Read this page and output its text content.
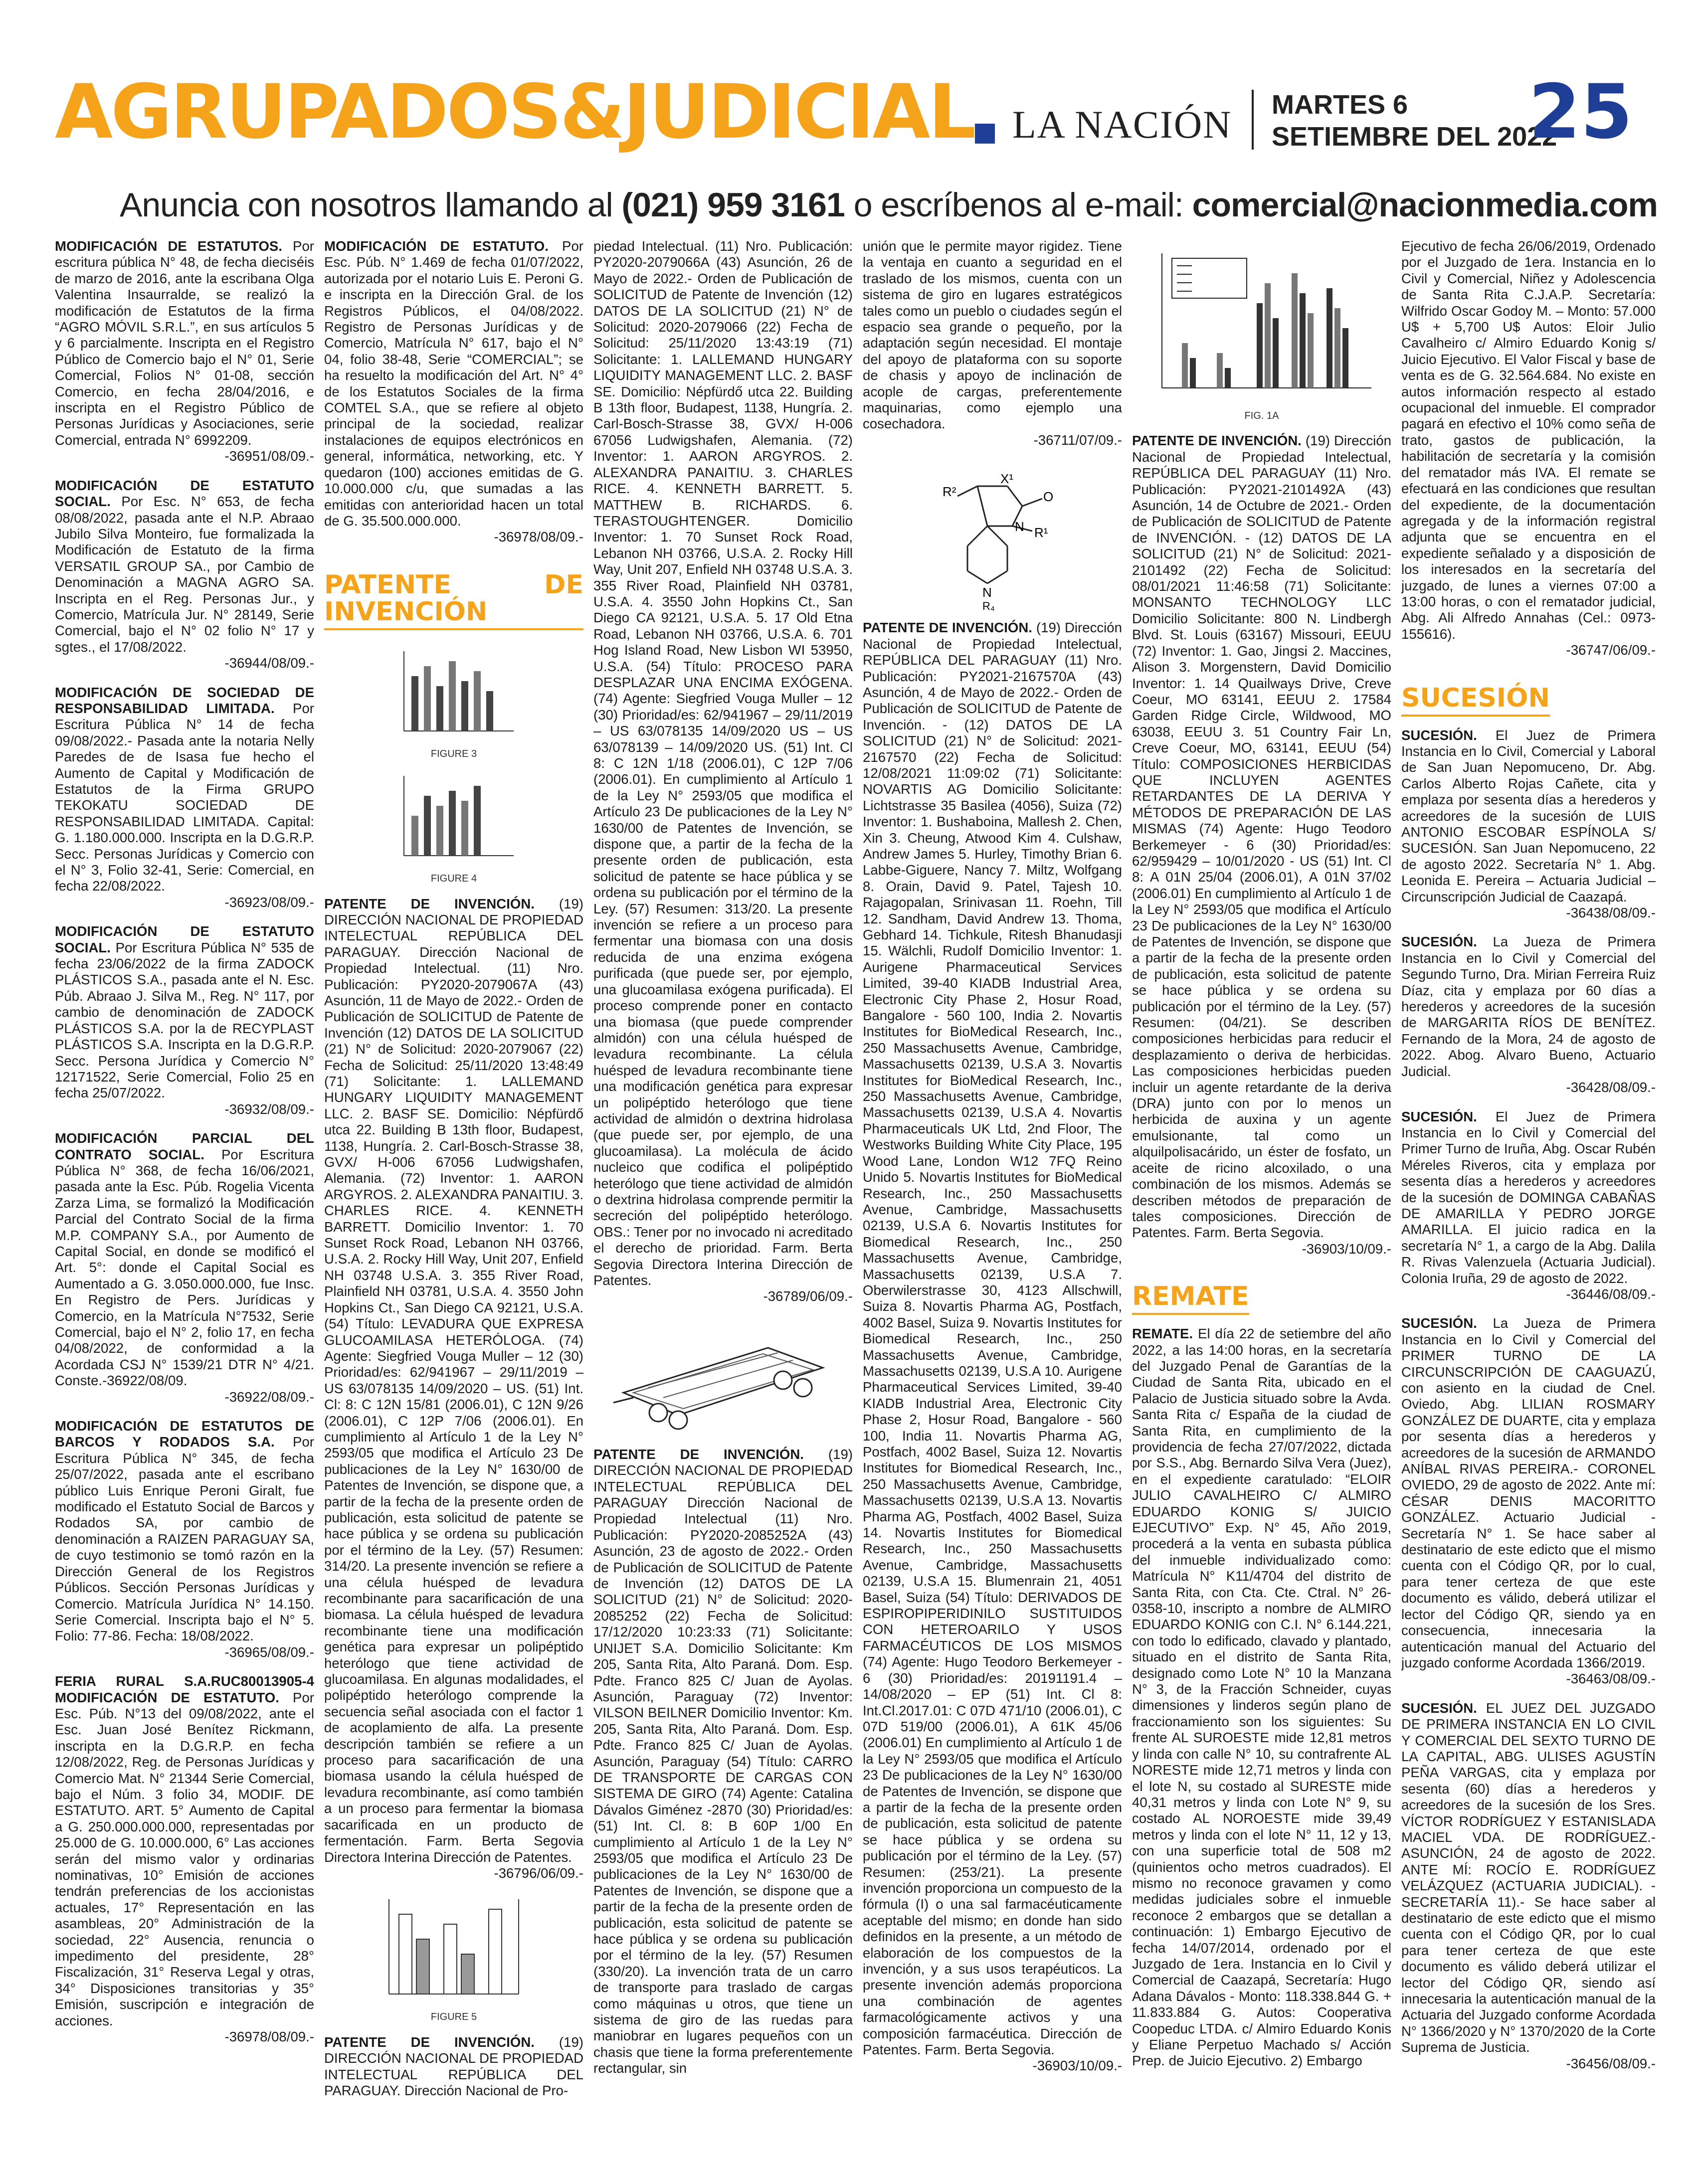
AGRUPADOS&JUDICIAL LA NACIÓN MARTES 6
SETIEMBRE DEL 2022
25
Anuncia con nosotros llamando al (021) 959 3161 o escríbenos al e-mail: comercial@nacionmedia.com
MODIFICACIÓN DE ESTATUTOS. Por escritura pública N° 48, de fecha dieciséis de marzo de 2016, ante la escribana Olga Valentina Insaurralde, se realizó la modificación de Estatutos de la firma “AGRO MÓVIL S.R.L.”, en sus artículos 5 y 6 parcialmente. Inscripta en el Registro Público de Comercio bajo el N° 01, Serie Comercial, Folios N° 01-08, sección Comercio, en fecha 28/04/2016, e inscripta en el Registro Público de Personas Jurídicas y Asociaciones, serie Comercial, entrada N° 6992209.
-36951/08/09.-
MODIFICACIÓN DE ESTATUTO SOCIAL. Por Esc. N° 653, de fecha 08/08/2022, pasada ante el N.P. Abraao Jubilo Silva Monteiro, fue formalizada la Modificación de Estatuto de la firma VERSATIL GROUP SA., por Cambio de Denominación a MAGNA AGRO SA. Inscripta en el Reg. Personas Jur., y Comercio, Matrícula Jur. N° 28149, Serie Comercial, bajo el N° 02 folio N° 17 y sgtes., el 17/08/2022.
-36944/08/09.-
MODIFICACIÓN DE SOCIEDAD DE RESPONSABILIDAD LIMITADA. Por Escritura Pública N° 14 de fecha 09/08/2022.- Pasada ante la notaria Nelly Paredes de de Isasa fue hecho el Aumento de Capital y Modificación de Estatutos de la Firma GRUPO TEKOKATU SOCIEDAD DE RESPONSABILIDAD LIMITADA. Capital: G. 1.180.000.000. Inscripta en la D.G.R.P. Secc. Personas Jurídicas y Comercio con el N° 3, Folio 32-41, Serie: Comercial, en fecha 22/08/2022.
-36923/08/09.-
MODIFICACIÓN DE ESTATUTO SOCIAL. Por Escritura Pública N° 535 de fecha 23/06/2022 de la firma ZADOCK PLÁSTICOS S.A., pasada ante el N. Esc. Púb. Abraao J. Silva M., Reg. N° 117, por cambio de denominación de ZADOCK PLÁSTICOS S.A. por la de RECYPLAST PLÁSTICOS S.A. Inscripta en la D.G.R.P. Secc. Persona Jurídica y Comercio N° 12171522, Serie Comercial, Folio 25 en fecha 25/07/2022.
-36932/08/09.-
MODIFICACIÓN PARCIAL DEL CONTRATO SOCIAL. Por Escritura Pública N° 368, de fecha 16/06/2021, pasada ante la Esc. Púb. Rogelia Vicenta Zarza Lima, se formalizó la Modificación Parcial del Contrato Social de la firma M.P. COMPANY S.A., por Aumento de Capital Social, en donde se modificó el Art. 5°: donde el Capital Social es Aumentado a G. 3.050.000.000, fue Insc. En Registro de Pers. Jurídicas y Comercio, en la Matrícula N°7532, Serie Comercial, bajo el N° 2, folio 17, en fecha 04/08/2022, de conformidad a la Acordada CSJ N° 1539/21 DTR N° 4/21. Conste.-36922/08/09.
-36922/08/09.-
MODIFICACIÓN DE ESTATUTOS DE BARCOS Y RODADOS S.A. Por Escritura Pública N° 345, de fecha 25/07/2022, pasada ante el escribano público Luis Enrique Peroni Giralt, fue modificado el Estatuto Social de Barcos y Rodados SA, por cambio de denominación a RAIZEN PARAGUAY SA, de cuyo testimonio se tomó razón en la Dirección General de los Registros Públicos. Sección Personas Jurídicas y Comercio. Matrícula Jurídica N° 14.150. Serie Comercial. Inscripta bajo el N° 5. Folio: 77-86. Fecha: 18/08/2022.
-36965/08/09.-
FERIA RURAL S.A.RUC80013905-4 MODIFICACIÓN DE ESTATUTO. Por Esc. Púb. N°13 del 09/08/2022, ante el Esc. Juan José Benítez Rickmann, inscripta en la D.G.R.P. en fecha 12/08/2022, Reg. de Personas Jurídicas y Comercio Mat. N° 21344 Serie Comercial, bajo el Núm. 3 folio 34, MODIF. DE ESTATUTO. ART. 5° Aumento de Capital a G. 250.000.000.000, representadas por 25.000 de G. 10.000.000, 6° Las acciones serán del mismo valor y ordinarias nominativas, 10° Emisión de acciones tendrán preferencias de los accionistas actuales, 17° Representación en las asambleas, 20° Administración de la sociedad, 22° Ausencia, renuncia o impedimento del presidente, 28° Fiscalización, 31° Reserva Legal y otras, 34° Disposiciones transitorias y 35° Emisión, suscripción e integración de acciones.
-36978/08/09.-
MODIFICACIÓN DE ESTATUTO. Por Esc. Púb. N° 1.469 de fecha 01/07/2022, autorizada por el notario Luis E. Peroni G. e inscripta en la Dirección Gral. de los Registros Públicos, el 04/08/2022. Registro de Personas Jurídicas y de Comercio, Matrícula N° 617, bajo el N° 04, folio 38-48, Serie “COMERCIAL”; se ha resuelto la modificación del Art. N° 4° de los Estatutos Sociales de la firma COMTEL S.A., que se refiere al objeto principal de la sociedad, realizar instalaciones de equipos electrónicos en general, informática, networking, etc. Y quedaron (100) acciones emitidas de G. 10.000.000 c/u, que sumadas a las emitidas con anterioridad hacen un total de G. 35.500.000.000.
-36978/08/09.-
PATENTE DE INVENCIÓN
FIGURE 3
FIGURE 4
PATENTE DE INVENCIÓN. (19) DIRECCIÓN NACIONAL DE PROPIEDAD INTELECTUAL REPÚBLICA DEL PARAGUAY. Dirección Nacional de Propiedad Intelectual. (11) Nro. Publicación: PY2020-2079067A (43) Asunción, 11 de Mayo de 2022.- Orden de Publicación de SOLICITUD de Patente de Invención (12) DATOS DE LA SOLICITUD (21) N° de Solicitud: 2020-2079067 (22) Fecha de Solicitud: 25/11/2020 13:48:49 (71) Solicitante: 1. LALLEMAND HUNGARY LIQUIDITY MANAGEMENT LLC. 2. BASF SE. Domicilio: Népfürdő utca 22. Building B 13th floor, Budapest, 1138, Hungría. 2. Carl-Bosch-Strasse 38, GVX/ H-006 67056 Ludwigshafen, Alemania. (72) Inventor: 1. AARON ARGYROS. 2. ALEXANDRA PANAITIU. 3. CHARLES RICE. 4. KENNETH BARRETT. Domicilio Inventor: 1. 70 Sunset Rock Road, Lebanon NH 03766, U.S.A. 2. Rocky Hill Way, Unit 207, Enfield NH 03748 U.S.A. 3. 355 River Road, Plainfield NH 03781, U.S.A. 4. 3550 John Hopkins Ct., San Diego CA 92121, U.S.A. (54) Título: LEVADURA QUE EXPRESA GLUCOAMILASA HETERÓLOGA. (74) Agente: Siegfried Vouga Muller – 12 (30) Prioridad/es: 62/941967 – 29/11/2019 – US 63/078135 14/09/2020 – US. (51) Int. Cl: 8: C 12N 15/81 (2006.01), C 12N 9/26 (2006.01), C 12P 7/06 (2006.01). En cumplimiento al Artículo 1 de la Ley N° 2593/05 que modifica el Artículo 23 De publicaciones de la Ley N° 1630/00 de Patentes de Invención, se dispone que, a partir de la fecha de la presente orden de publicación, esta solicitud de patente se hace pública y se ordena su publicación por el término de la Ley. (57) Resumen: 314/20. La presente invención se refiere a una célula huésped de levadura recombinante para sacarificación de una biomasa. La célula huésped de levadura recombinante tiene una modificación genética para expresar un polipéptido heterólogo que tiene actividad de glucoamilasa. En algunas modalidades, el polipéptido heterólogo comprende la secuencia señal asociada con el factor 1 de acoplamiento de alfa. La presente descripción también se refiere a un proceso para sacarificación de una biomasa usando la célula huésped de levadura recombinante, así como también a un proceso para fermentar la biomasa sacarificada en un producto de fermentación. Farm. Berta Segovia Directora Interina Dirección de Patentes.
-36796/06/09.-
FIGURE 5
PATENTE DE INVENCIÓN. (19) DIRECCIÓN NACIONAL DE PROPIEDAD INTELECTUAL REPÚBLICA DEL PARAGUAY. Dirección Nacional de Pro-
piedad Intelectual. (11) Nro. Publicación: PY2020-2079066A (43) Asunción, 26 de Mayo de 2022.- Orden de Publicación de SOLICITUD de Patente de Invención (12) DATOS DE LA SOLICITUD (21) N° de Solicitud: 2020-2079066 (22) Fecha de Solicitud: 25/11/2020 13:43:19 (71) Solicitante: 1. LALLEMAND HUNGARY LIQUIDITY MANAGEMENT LLC. 2. BASF SE. Domicilio: Népfürdő utca 22. Building B 13th floor, Budapest, 1138, Hungría. 2. Carl-Bosch-Strasse 38, GVX/ H-006 67056 Ludwigshafen, Alemania. (72) Inventor: 1. AARON ARGYROS. 2. ALEXANDRA PANAITIU. 3. CHARLES RICE. 4. KENNETH BARRETT. 5. MATTHEW B. RICHARDS. 6. TERASTOUGHTENGER. Domicilio Inventor: 1. 70 Sunset Rock Road, Lebanon NH 03766, U.S.A. 2. Rocky Hill Way, Unit 207, Enfield NH 03748 U.S.A. 3. 355 River Road, Plainfield NH 03781, U.S.A. 4. 3550 John Hopkins Ct., San Diego CA 92121, U.S.A. 5. 17 Old Etna Road, Lebanon NH 03766, U.S.A. 6. 701 Hog Island Road, New Lisbon WI 53950, U.S.A. (54) Título: PROCESO PARA DESPLAZAR UNA ENCIMA EXÓGENA. (74) Agente: Siegfried Vouga Muller – 12 (30) Prioridad/es: 62/941967 – 29/11/2019 – US 63/078135 14/09/2020 US – US 63/078139 – 14/09/2020 US. (51) Int. Cl 8: C 12N 1/18 (2006.01), C 12P 7/06 (2006.01). En cumplimiento al Artículo 1 de la Ley N° 2593/05 que modifica el Artículo 23 De publicaciones de la Ley N° 1630/00 de Patentes de Invención, se dispone que, a partir de la fecha de la presente orden de publicación, esta solicitud de patente se hace pública y se ordena su publicación por el término de la Ley. (57) Resumen: 313/20. La presente invención se refiere a un proceso para fermentar una biomasa con una dosis reducida de una enzima exógena purificada (que puede ser, por ejemplo, una glucoamilasa exógena purificada). El proceso comprende poner en contacto una biomasa (que puede comprender almidón) con una célula huésped de levadura recombinante. La célula huésped de levadura recombinante tiene una modificación genética para expresar un polipéptido heterólogo que tiene actividad de almidón o dextrina hidrolasa (que puede ser, por ejemplo, de una glucoamilasa). La molécula de ácido nucleico que codifica el polipéptido heterólogo que tiene actividad de almidón o dextrina hidrolasa comprende permitir la secreción del polipéptido heterólogo. OBS.: Tener por no invocado ni acreditado el derecho de prioridad. Farm. Berta Segovia Directora Interina Dirección de Patentes.
-36789/06/09.-
PATENTE DE INVENCIÓN. (19) DIRECCIÓN NACIONAL DE PROPIEDAD INTELECTUAL REPÚBLICA DEL PARAGUAY Dirección Nacional de Propiedad Intelectual (11) Nro. Publicación: PY2020-2085252A (43) Asunción, 23 de agosto de 2022.- Orden de Publicación de SOLICITUD de Patente de Invención (12) DATOS DE LA SOLICITUD (21) N° de Solicitud: 2020-2085252 (22) Fecha de Solicitud: 17/12/2020 10:23:33 (71) Solicitante: UNIJET S.A. Domicilio Solicitante: Km 205, Santa Rita, Alto Paraná. Dom. Esp. Pdte. Franco 825 C/ Juan de Ayolas. Asunción, Paraguay (72) Inventor: VILSON BEILNER Domicilio Inventor: Km. 205, Santa Rita, Alto Paraná. Dom. Esp. Pdte. Franco 825 C/ Juan de Ayolas. Asunción, Paraguay (54) Título: CARRO DE TRANSPORTE DE CARGAS CON SISTEMA DE GIRO (74) Agente: Catalina Dávalos Giménez -2870 (30) Prioridad/es: (51) Int. Cl. 8: B 60P 1/00 En cumplimiento al Artículo 1 de la Ley N° 2593/05 que modifica el Artículo 23 De publicaciones de la Ley N° 1630/00 de Patentes de Invención, se dispone que a partir de la fecha de la presente orden de publicación, esta solicitud de patente se hace pública y se ordena su publicación por el término de la ley. (57) Resumen (330/20). La invención trata de un carro de transporte para traslado de cargas como máquinas u otros, que tiene un sistema de giro de las ruedas para maniobrar en lugares pequeños con un chasis que tiene la forma preferentemente rectangular, sin
unión que le permite mayor rigidez. Tiene la ventaja en cuanto a seguridad en el traslado de los mismos, cuenta con un sistema de giro en lugares estratégicos tales como un pueblo o ciudades según el espacio sea grande o pequeño, por la adaptación según necesidad. El montaje del apoyo de plataforma con su soporte de chasis y apoyo de inclinación de acople de cargas, preferentemente maquinarias, como ejemplo una cosechadora.
-36711/07/09.-
R²
X¹
O
N R¹
N
R₄
PATENTE DE INVENCIÓN. (19) Dirección Nacional de Propiedad Intelectual, REPÚBLICA DEL PARAGUAY (11) Nro. Publicación: PY2021-2167570A (43) Asunción, 4 de Mayo de 2022.- Orden de Publicación de SOLICITUD de Patente de Invención. - (12) DATOS DE LA SOLICITUD (21) N° de Solicitud: 2021-2167570 (22) Fecha de Solicitud: 12/08/2021 11:09:02 (71) Solicitante: NOVARTIS AG Domicilio Solicitante: Lichtstrasse 35 Basilea (4056), Suiza (72) Inventor: 1. Bushaboina, Mallesh 2. Chen, Xin 3. Cheung, Atwood Kim 4. Culshaw, Andrew James 5. Hurley, Timothy Brian 6. Labbe-Giguere, Nancy 7. Miltz, Wolfgang 8. Orain, David 9. Patel, Tajesh 10. Rajagopalan, Srinivasan 11. Roehn, Till 12. Sandham, David Andrew 13. Thoma, Gebhard 14. Tichkule, Ritesh Bhanudasji 15. Wälchli, Rudolf Domicilio Inventor: 1. Aurigene Pharmaceutical Services Limited, 39-40 KIADB Industrial Area, Electronic City Phase 2, Hosur Road, Bangalore - 560 100, India 2. Novartis Institutes for BioMedical Research, Inc., 250 Massachusetts Avenue, Cambridge, Massachusetts 02139, U.S.A 3. Novartis Institutes for BioMedical Research, Inc., 250 Massachusetts Avenue, Cambridge, Massachusetts 02139, U.S.A 4. Novartis Pharmaceuticals UK Ltd, 2nd Floor, The Westworks Building White City Place, 195 Wood Lane, London W12 7FQ Reino Unido 5. Novartis Institutes for BioMedical Research, Inc., 250 Massachusetts Avenue, Cambridge, Massachusetts 02139, U.S.A 6. Novartis Institutes for Biomedical Research, Inc., 250 Massachusetts Avenue, Cambridge, Massachusetts 02139, U.S.A 7. Oberwilerstrasse 30, 4123 Allschwill, Suiza 8. Novartis Pharma AG, Postfach, 4002 Basel, Suiza 9. Novartis Institutes for Biomedical Research, Inc., 250 Massachusetts Avenue, Cambridge, Massachusetts 02139, U.S.A 10. Aurigene Pharmaceutical Services Limited, 39-40 KIADB Industrial Area, Electronic City Phase 2, Hosur Road, Bangalore - 560 100, India 11. Novartis Pharma AG, Postfach, 4002 Basel, Suiza 12. Novartis Institutes for Biomedical Research, Inc., 250 Massachusetts Avenue, Cambridge, Massachusetts 02139, U.S.A 13. Novartis Pharma AG, Postfach, 4002 Basel, Suiza 14. Novartis Institutes for Biomedical Research, Inc., 250 Massachusetts Avenue, Cambridge, Massachusetts 02139, U.S.A 15. Blumenrain 21, 4051 Basel, Suiza (54) Título: DERIVADOS DE ESPIROPIPERIDINILO SUSTITUIDOS CON HETEROARILO Y USOS FARMACÉUTICOS DE LOS MISMOS (74) Agente: Hugo Teodoro Berkemeyer - 6 (30) Prioridad/es: 20191191.4 – 14/08/2020 – EP (51) Int. Cl 8: Int.Cl.2017.01: C 07D 471/10 (2006.01), C 07D 519/00 (2006.01), A 61K 45/06 (2006.01) En cumplimiento al Artículo 1 de la Ley N° 2593/05 que modifica el Artículo 23 De publicaciones de la Ley N° 1630/00 de Patentes de Invención, se dispone que a partir de la fecha de la presente orden de publicación, esta solicitud de patente se hace pública y se ordena su publicación por el término de la Ley. (57) Resumen: (253/21). La presente invención proporciona un compuesto de la fórmula (I) o una sal farmacéuticamente aceptable del mismo; en donde han sido definidos en la presente, a un método de elaboración de los compuestos de la invención, y a sus usos terapéuticos. La presente invención además proporciona una combinación de agentes farmacológicamente activos y una composición farmacéutica. Dirección de Patentes. Farm. Berta Segovia.
-36903/10/09.-
FIG. 1A
PATENTE DE INVENCIÓN. (19) Dirección Nacional de Propiedad Intelectual, REPÚBLICA DEL PARAGUAY (11) Nro. Publicación: PY2021-2101492A (43) Asunción, 14 de Octubre de 2021.- Orden de Publicación de SOLICITUD de Patente de INVENCIÓN. - (12) DATOS DE LA SOLICITUD (21) N° de Solicitud: 2021-2101492 (22) Fecha de Solicitud: 08/01/2021 11:46:58 (71) Solicitante: MONSANTO TECHNOLOGY LLC Domicilio Solicitante: 800 N. Lindbergh Blvd. St. Louis (63167) Missouri, EEUU (72) Inventor: 1. Gao, Jingsi 2. Maccines, Alison 3. Morgenstern, David Domicilio Inventor: 1. 14 Quailways Drive, Creve Coeur, MO 63141, EEUU 2. 17584 Garden Ridge Circle, Wildwood, MO 63038, EEUU 3. 51 Country Fair Ln, Creve Coeur, MO, 63141, EEUU (54) Título: COMPOSICIONES HERBICIDAS QUE INCLUYEN AGENTES RETARDANTES DE LA DERIVA Y MÉTODOS DE PREPARACIÓN DE LAS MISMAS (74) Agente: Hugo Teodoro Berkemeyer - 6 (30) Prioridad/es: 62/959429 – 10/01/2020 - US (51) Int. Cl 8: A 01N 25/04 (2006.01), A 01N 37/02 (2006.01) En cumplimiento al Artículo 1 de la Ley N° 2593/05 que modifica el Artículo 23 De publicaciones de la Ley N° 1630/00 de Patentes de Invención, se dispone que a partir de la fecha de la presente orden de publicación, esta solicitud de patente se hace pública y se ordena su publicación por el término de la Ley. (57) Resumen: (04/21). Se describen composiciones herbicidas para reducir el desplazamiento o deriva de herbicidas. Las composiciones herbicidas pueden incluir un agente retardante de la deriva (DRA) junto con por lo menos un herbicida de auxina y un agente emulsionante, tal como un alquilpolisacárido, un éster de fosfato, un aceite de ricino alcoxilado, o una combinación de los mismos. Además se describen métodos de preparación de tales composiciones. Dirección de Patentes. Farm. Berta Segovia.
-36903/10/09.-
REMATE
REMATE. El día 22 de setiembre del año 2022, a las 14:00 horas, en la secretaría del Juzgado Penal de Garantías de la Ciudad de Santa Rita, ubicado en el Palacio de Justicia situado sobre la Avda. Santa Rita c/ España de la ciudad de Santa Rita, en cumplimiento de la providencia de fecha 27/07/2022, dictada por S.S., Abg. Bernardo Silva Vera (Juez), en el expediente caratulado: “ELOIR JULIO CAVALHEIRO C/ ALMIRO EDUARDO KONIG S/ JUICIO EJECUTIVO” Exp. N° 45, Año 2019, procederá a la venta en subasta pública del inmueble individualizado como: Matrícula N° K11/4704 del distrito de Santa Rita, con Cta. Cte. Ctral. N° 26-0358-10, inscripto a nombre de ALMIRO EDUARDO KONIG con C.I. N° 6.144.221, con todo lo edificado, clavado y plantado, situado en el distrito de Santa Rita, designado como Lote N° 10 la Manzana N° 3, de la Fracción Schneider, cuyas dimensiones y linderos según plano de fraccionamiento son los siguientes: Su frente AL SUROESTE mide 12,81 metros y linda con calle N° 10, su contrafrente AL NORESTE mide 12,71 metros y linda con el lote N, su costado al SURESTE mide 40,31 metros y linda con Lote N° 9, su costado AL NOROESTE mide 39,49 metros y linda con el lote N° 11, 12 y 13, con una superficie total de 508 m2 (quinientos ocho metros cuadrados). El mismo no reconoce gravamen y como medidas judiciales sobre el inmueble reconoce 2 embargos que se detallan a continuación: 1) Embargo Ejecutivo de fecha 14/07/2014, ordenado por el Juzgado de 1era. Instancia en lo Civil y Comercial de Caazapá, Secretaría: Hugo Adana Dávalos - Monto: 118.338.844 G. + 11.833.884 G. Autos: Cooperativa Coopeduc LTDA. c/ Almiro Eduardo Konis y Eliane Perpetuo Machado s/ Acción Prep. de Juicio Ejecutivo. 2) Embargo
Ejecutivo de fecha 26/06/2019, Ordenado por el Juzgado de 1era. Instancia en lo Civil y Comercial, Niñez y Adolescencia de Santa Rita C.J.A.P. Secretaría: Wilfrido Oscar Godoy M. – Monto: 57.000 U$ + 5,700 U$ Autos: Eloir Julio Cavalheiro c/ Almiro Eduardo Konig s/ Juicio Ejecutivo. El Valor Fiscal y base de venta es de G. 32.564.684. No existe en autos información respecto al estado ocupacional del inmueble. El comprador pagará en efectivo el 10% como seña de trato, gastos de publicación, la habilitación de secretaría y la comisión del rematador más IVA. El remate se efectuará en las condiciones que resultan del expediente, de la documentación agregada y de la información registral adjunta que se encuentra en el expediente señalado y a disposición de los interesados en la secretaría del juzgado, de lunes a viernes 07:00 a 13:00 horas, o con el rematador judicial, Abg. Ali Alfredo Annahas (Cel.: 0973-155616).
-36747/06/09.-
SUCESIÓN
SUCESIÓN. El Juez de Primera Instancia en lo Civil, Comercial y Laboral de San Juan Nepomuceno, Dr. Abg. Carlos Alberto Rojas Cañete, cita y emplaza por sesenta días a herederos y acreedores de la sucesión de LUIS ANTONIO ESCOBAR ESPÍNOLA S/ SUCESIÓN. San Juan Nepomuceno, 22 de agosto 2022. Secretaría N° 1. Abg. Leonida E. Pereira – Actuaria Judicial – Circunscripción Judicial de Caazapá.
-36438/08/09.-
SUCESIÓN. La Jueza de Primera Instancia en lo Civil y Comercial del Segundo Turno, Dra. Mirian Ferreira Ruiz Díaz, cita y emplaza por 60 días a herederos y acreedores de la sucesión de MARGARITA RÍOS DE BENÍTEZ. Fernando de la Mora, 24 de agosto de 2022. Abog. Alvaro Bueno, Actuario Judicial.
-36428/08/09.-
SUCESIÓN. El Juez de Primera Instancia en lo Civil y Comercial del Primer Turno de Iruña, Abg. Oscar Rubén Méreles Riveros, cita y emplaza por sesenta días a herederos y acreedores de la sucesión de DOMINGA CABAÑAS DE AMARILLA Y PEDRO JORGE AMARILLA. El juicio radica en la secretaría N° 1, a cargo de la Abg. Dalila R. Rivas Valenzuela (Actuaria Judicial). Colonia Iruña, 29 de agosto de 2022.
-36446/08/09.-
SUCESIÓN. La Jueza de Primera Instancia en lo Civil y Comercial del PRIMER TURNO DE LA CIRCUNSCRIPCIÓN DE CAAGUAZÚ, con asiento en la ciudad de Cnel. Oviedo, Abg. LILIAN ROSMARY GONZÁLEZ DE DUARTE, cita y emplaza por sesenta días a herederos y acreedores de la sucesión de ARMANDO ANÍBAL RIVAS PEREIRA.- CORONEL OVIEDO, 29 de agosto de 2022. Ante mí: CÉSAR DENIS MACORITTO GONZÁLEZ. Actuario Judicial - Secretaría N° 1. Se hace saber al destinatario de este edicto que el mismo cuenta con el Código QR, por lo cual, para tener certeza de que este documento es válido, deberá utilizar el lector del Código QR, siendo ya en consecuencia, innecesaria la autenticación manual del Actuario del juzgado conforme Acordada 1366/2019.
-36463/08/09.-
SUCESIÓN. EL JUEZ DEL JUZGADO DE PRIMERA INSTANCIA EN LO CIVIL Y COMERCIAL DEL SEXTO TURNO DE LA CAPITAL, ABG. ULISES AGUSTÍN PEÑA VARGAS, cita y emplaza por sesenta (60) días a herederos y acreedores de la sucesión de los Sres. VÍCTOR RODRÍGUEZ Y ESTANISLADA MACIEL VDA. DE RODRÍGUEZ.- ASUNCIÓN, 24 de agosto de 2022. ANTE MÍ: ROCÍO E. RODRÍGUEZ VELÁZQUEZ (ACTUARIA JUDICIAL). -SECRETARÍA 11).- Se hace saber al destinatario de este edicto que el mismo cuenta con el Código QR, por lo cual para tener certeza de que este documento es válido deberá utilizar el lector del Código QR, siendo así innecesaria la autenticación manual de la Actuaria del Juzgado conforme Acordada N° 1366/2020 y N° 1370/2020 de la Corte Suprema de Justicia.
-36456/08/09.-
